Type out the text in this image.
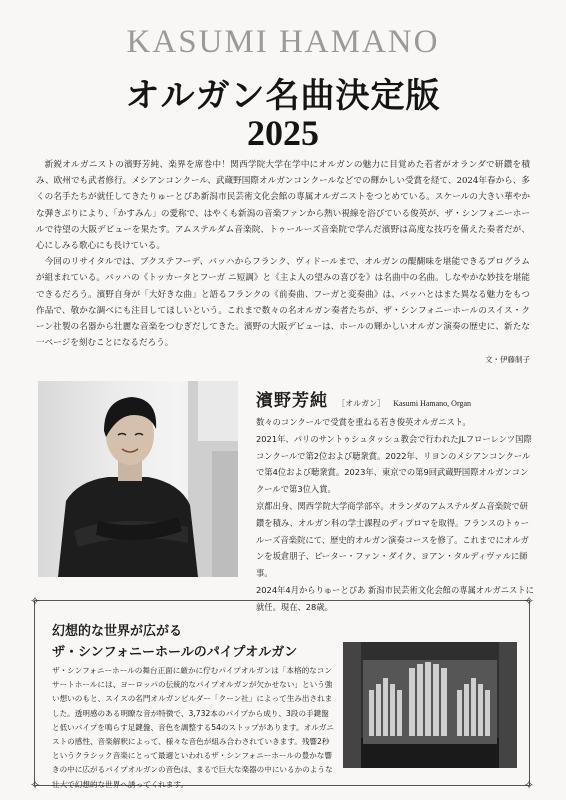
KASUMI HAMANO
オルガン名曲決定版
2025

新鋭オルガニストの濱野芳純、楽界を席巻中！関西学院大学在学中にオルガンの魅力に目覚めた若者がオランダで研鑽を積み、欧州でも武者修行。メシアンコンクール、武蔵野国際オルガンコンクールなどでの輝かしい受賞を経て、2024年春から、多くの名手たちが就任してきたりゅーとぴあ新潟市民芸術文化会館の専属オルガニストをつとめている。スケールの大きい華やかな弾きぶりにより、「かすみん」の愛称で、はやくも新潟の音楽ファンから熱い視線を浴びている俊英が、ザ・シンフォニーホールで待望の大阪デビューを果たす。アムステルダム音楽院、トゥールーズ音楽院で学んだ濱野は高度な技巧を備えた奏者だが、心にしみる歌心にも長けている。

今回のリサイタルでは、ブクステフーデ、バッハからフランク、ヴィドールまで、オルガンの醍醐味を堪能できるプログラムが組まれている。バッハの《トッカータとフーガ ニ短調》と《主よ人の望みの喜びを》は名曲中の名曲。しなやかな妙技を堪能できるだろう。濱野自身が「大好きな曲」と語るフランクの《前奏曲、フーガと変奏曲》は、バッハとはまた異なる魅力をもつ作品で、敬かな調べにも注目してほしいという。これまで数々の名オルガン奏者たちが、ザ・シンフォニーホールのスイス・クーン社製の名器から壮麗な音楽をつむぎだしてきた。濱野の大阪デビューは、ホールの輝かしいオルガン演奏の歴史に、新たな一ページを刻むことになるだろう。

文・伊藤制子
濱野芳純 ［オルガン］ Kasumi Hamano, Organ

数々のコンクールで受賞を重ねる若き俊英オルガニスト。

2021年、パリのサントゥシュタッシュ教会で行われたJLフローレンツ国際コンクールで第2位および聴衆賞。2022年、リヨンのメシアンコンクールで第4位および聴衆賞。2023年、東京での第9回武蔵野国際オルガンコンクールで第3位入賞。

京都出身、関西学院大学商学部卒。オランダのアムステルダム音楽院で研鑽を積み、オルガン科の学士課程のディプロマを取得。フランスのトゥールーズ音楽院にて、歴史的オルガン演奏コースを修了。これまでにオルガンを坂倉朋子、ピーター・ファン・ダイク、ヨアン・タルディヴァルに師事。

2024年4月からりゅーとぴあ 新潟市民芸術文化会館の専属オルガニストに就任。現在、28歳。

✧	✧
✧	✧
幻想的な世界が広がる
ザ・シンフォニーホールのパイプオルガン

ザ・シンフォニーホールの舞台正面に厳かに佇むパイプオルガンは「本格的なコンサートホールには、ヨーロッパの伝統的なパイプオルガンが欠かせない」という強い想いのもと、スイスの名門オルガンビルダー「クーン社」によって生み出されました。透明感のある明瞭な音が特徴で、3,732本のパイプから成り、3段の手鍵盤と低いパイプを鳴らす足鍵盤、音色を調整する54のストップがあります。オルガニストの感性、音楽解釈によって、様々な音色が組み合わされていきます。残響2秒というクラシック音楽にとって最適といわれるザ・シンフォニーホールの豊かな響きの中に広がるパイプオルガンの音色は、まるで巨大な楽器の中にいるかのような壮大で幻想的な世界へ誘ってくれます。
